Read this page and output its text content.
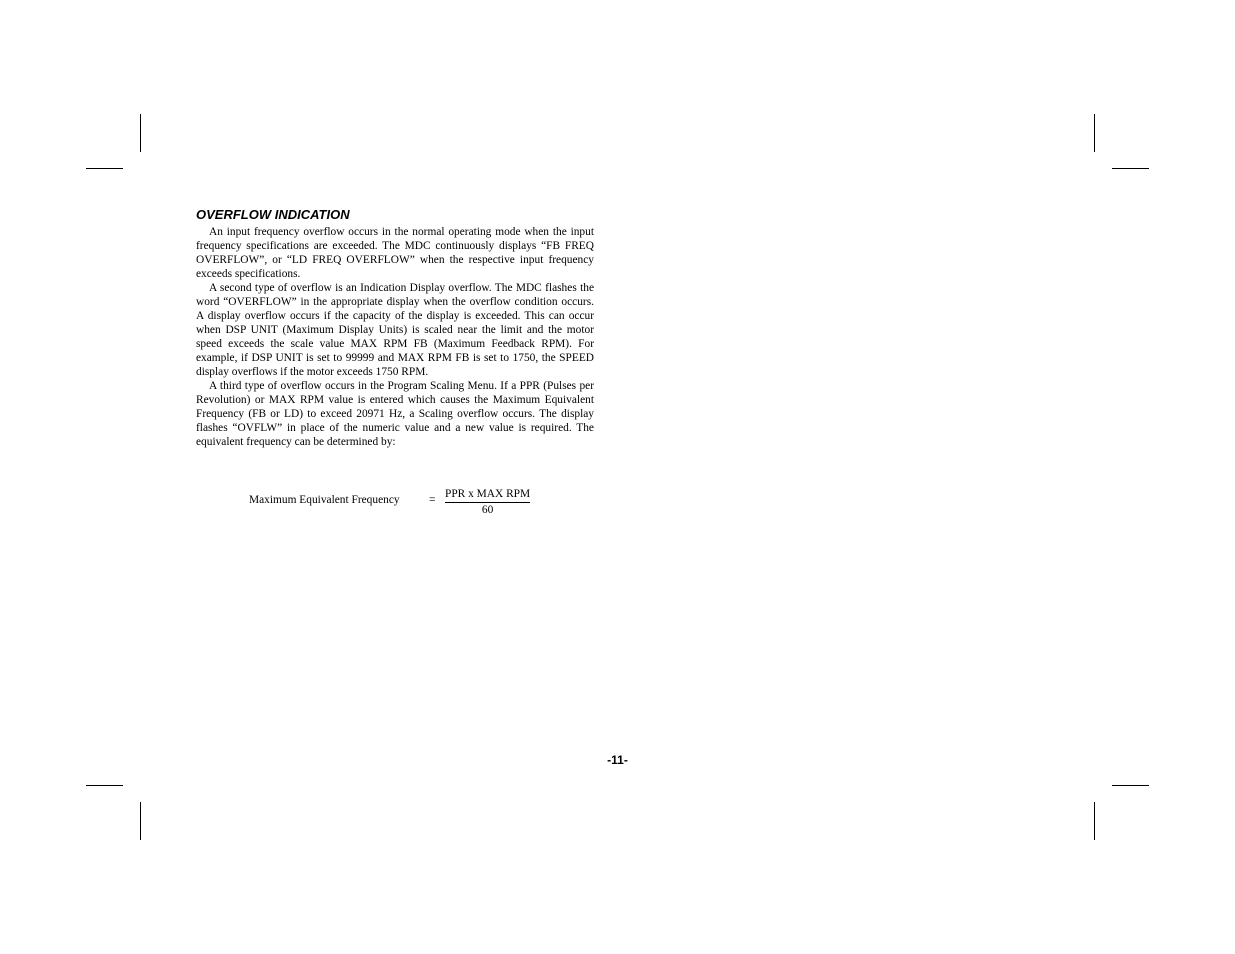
OVERFLOW INDICATION

An input frequency overflow occurs in the normal operating mode when the input frequency specifications are exceeded. The MDC continuously displays “FB FREQ OVERFLOW”, or “LD FREQ OVERFLOW” when the respective input frequency exceeds specifications.

A second type of overflow is an Indication Display overflow. The MDC flashes the word “OVERFLOW” in the appropriate display when the overflow condition occurs. A display overflow occurs if the capacity of the display is exceeded. This can occur when DSP UNIT (Maximum Display Units) is scaled near the limit and the motor speed exceeds the scale value MAX RPM FB (Maximum Feedback RPM). For example, if DSP UNIT is set to 99999 and MAX RPM FB is set to 1750, the SPEED display overflows if the motor exceeds 1750 RPM.

A third type of overflow occurs in the Program Scaling Menu. If a PPR (Pulses per Revolution) or MAX RPM value is entered which causes the Maximum Equivalent Frequency (FB or LD) to exceed 20971 Hz, a Scaling overflow occurs. The display flashes “OVFLW” in place of the numeric value and a new value is required. The equivalent frequency can be determined by:

Maximum Equivalent Frequency	= PPR x MAX RPM
60
-11-
